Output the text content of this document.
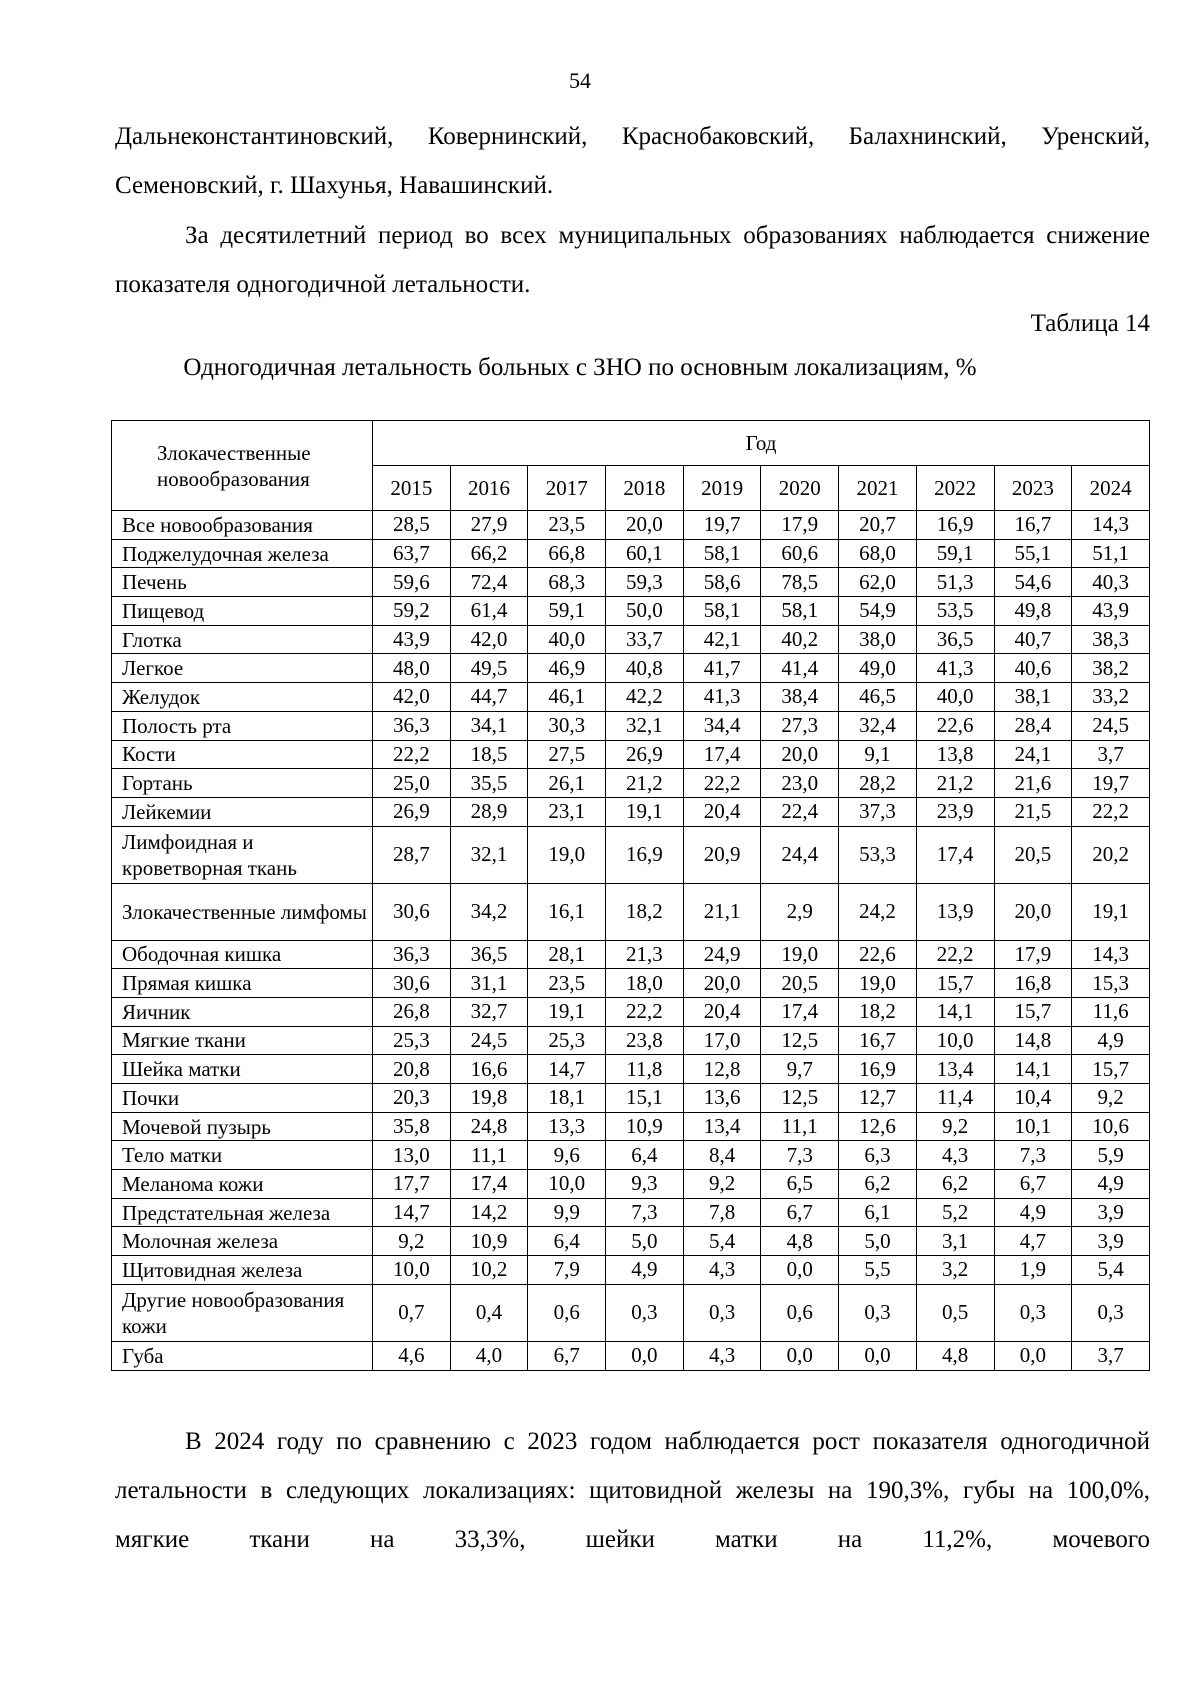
54
Дальнеконстантиновский, Ковернинский, Краснобаковский, Балахнинский, Уренский, Семеновский, г. Шахунья, Навашинский.
За десятилетний период во всех муниципальных образованиях наблюдается снижение показателя одногодичной летальности.
Таблица 14
Одногодичная летальность больных с ЗНО по основным локализациям, %
Злокачественные новообразования	Год									
	2015	2016	2017	2018	2019	2020	2021	2022	2023	2024
Все новообразования	28,5	27,9	23,5	20,0	19,7	17,9	20,7	16,9	16,7	14,3
Поджелудочная железа	63,7	66,2	66,8	60,1	58,1	60,6	68,0	59,1	55,1	51,1
Печень	59,6	72,4	68,3	59,3	58,6	78,5	62,0	51,3	54,6	40,3
Пищевод	59,2	61,4	59,1	50,0	58,1	58,1	54,9	53,5	49,8	43,9
Глотка	43,9	42,0	40,0	33,7	42,1	40,2	38,0	36,5	40,7	38,3
Легкое	48,0	49,5	46,9	40,8	41,7	41,4	49,0	41,3	40,6	38,2
Желудок	42,0	44,7	46,1	42,2	41,3	38,4	46,5	40,0	38,1	33,2
Полость рта	36,3	34,1	30,3	32,1	34,4	27,3	32,4	22,6	28,4	24,5
Кости	22,2	18,5	27,5	26,9	17,4	20,0	9,1	13,8	24,1	3,7
Гортань	25,0	35,5	26,1	21,2	22,2	23,0	28,2	21,2	21,6	19,7
Лейкемии	26,9	28,9	23,1	19,1	20,4	22,4	37,3	23,9	21,5	22,2
Лимфоидная и кроветворная ткань	28,7	32,1	19,0	16,9	20,9	24,4	53,3	17,4	20,5	20,2
Злокачественные лимфомы	30,6	34,2	16,1	18,2	21,1	2,9	24,2	13,9	20,0	19,1
Ободочная кишка	36,3	36,5	28,1	21,3	24,9	19,0	22,6	22,2	17,9	14,3
Прямая кишка	30,6	31,1	23,5	18,0	20,0	20,5	19,0	15,7	16,8	15,3
Яичник	26,8	32,7	19,1	22,2	20,4	17,4	18,2	14,1	15,7	11,6
Мягкие ткани	25,3	24,5	25,3	23,8	17,0	12,5	16,7	10,0	14,8	4,9
Шейка матки	20,8	16,6	14,7	11,8	12,8	9,7	16,9	13,4	14,1	15,7
Почки	20,3	19,8	18,1	15,1	13,6	12,5	12,7	11,4	10,4	9,2
Мочевой пузырь	35,8	24,8	13,3	10,9	13,4	11,1	12,6	9,2	10,1	10,6
Тело матки	13,0	11,1	9,6	6,4	8,4	7,3	6,3	4,3	7,3	5,9
Меланома кожи	17,7	17,4	10,0	9,3	9,2	6,5	6,2	6,2	6,7	4,9
Предстательная железа	14,7	14,2	9,9	7,3	7,8	6,7	6,1	5,2	4,9	3,9
Молочная железа	9,2	10,9	6,4	5,0	5,4	4,8	5,0	3,1	4,7	3,9
Щитовидная железа	10,0	10,2	7,9	4,9	4,3	0,0	5,5	3,2	1,9	5,4
Другие новообразования кожи	0,7	0,4	0,6	0,3	0,3	0,6	0,3	0,5	0,3	0,3
Губа	4,6	4,0	6,7	0,0	4,3	0,0	0,0	4,8	0,0	3,7
В 2024 году по сравнению с 2023 годом наблюдается рост показателя одногодичной летальности в следующих локализациях: щитовидной железы на 190,3%, губы на 100,0%, мягкие ткани на 33,3%, шейки матки на 11,2%, мочевого
